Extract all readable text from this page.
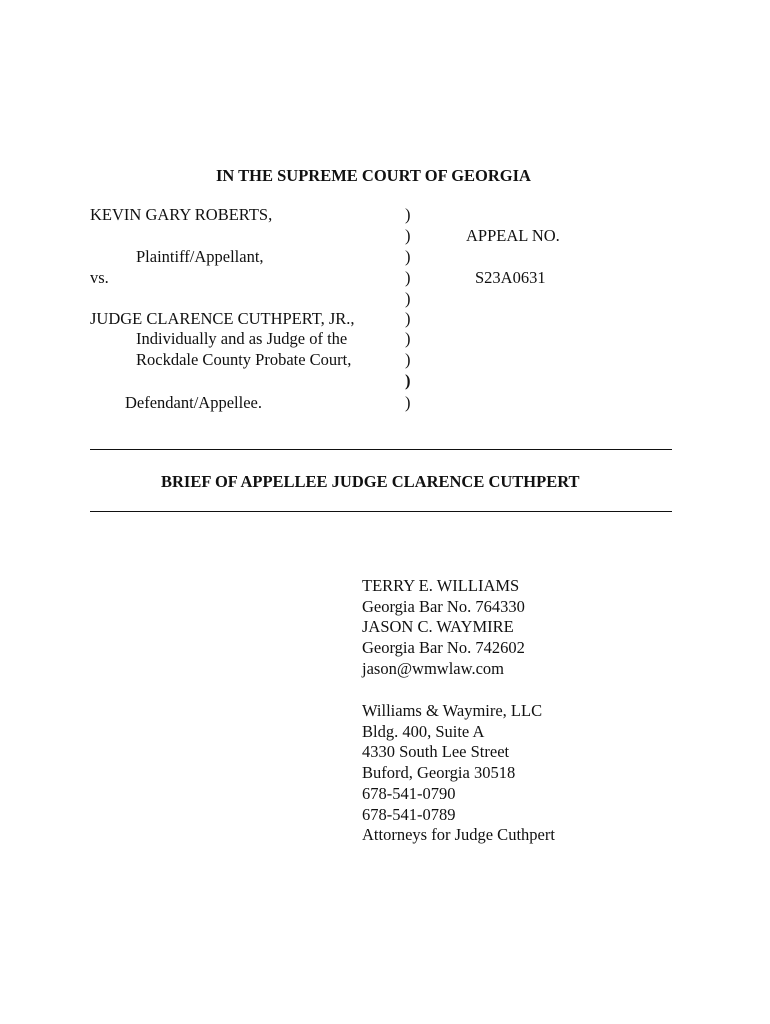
IN THE SUPREME COURT OF GEORGIA
KEVIN GARY ROBERTS,
Plaintiff/Appellant,
vs.
JUDGE CLARENCE CUTHPERT, JR.,
Individually and as Judge of the
Rockdale County Probate Court,
Defendant/Appellee.
)
)
)
)
)
)
)
)
)
)
APPEAL NO.
S23A0631
BRIEF OF APPELLEE JUDGE CLARENCE CUTHPERT
TERRY E. WILLIAMS
Georgia Bar No. 764330
JASON C. WAYMIRE
Georgia Bar No. 742602
jason@wmwlaw.com
Williams & Waymire, LLC
Bldg. 400, Suite A
4330 South Lee Street
Buford, Georgia 30518
678-541-0790
678-541-0789
Attorneys for Judge Cuthpert
